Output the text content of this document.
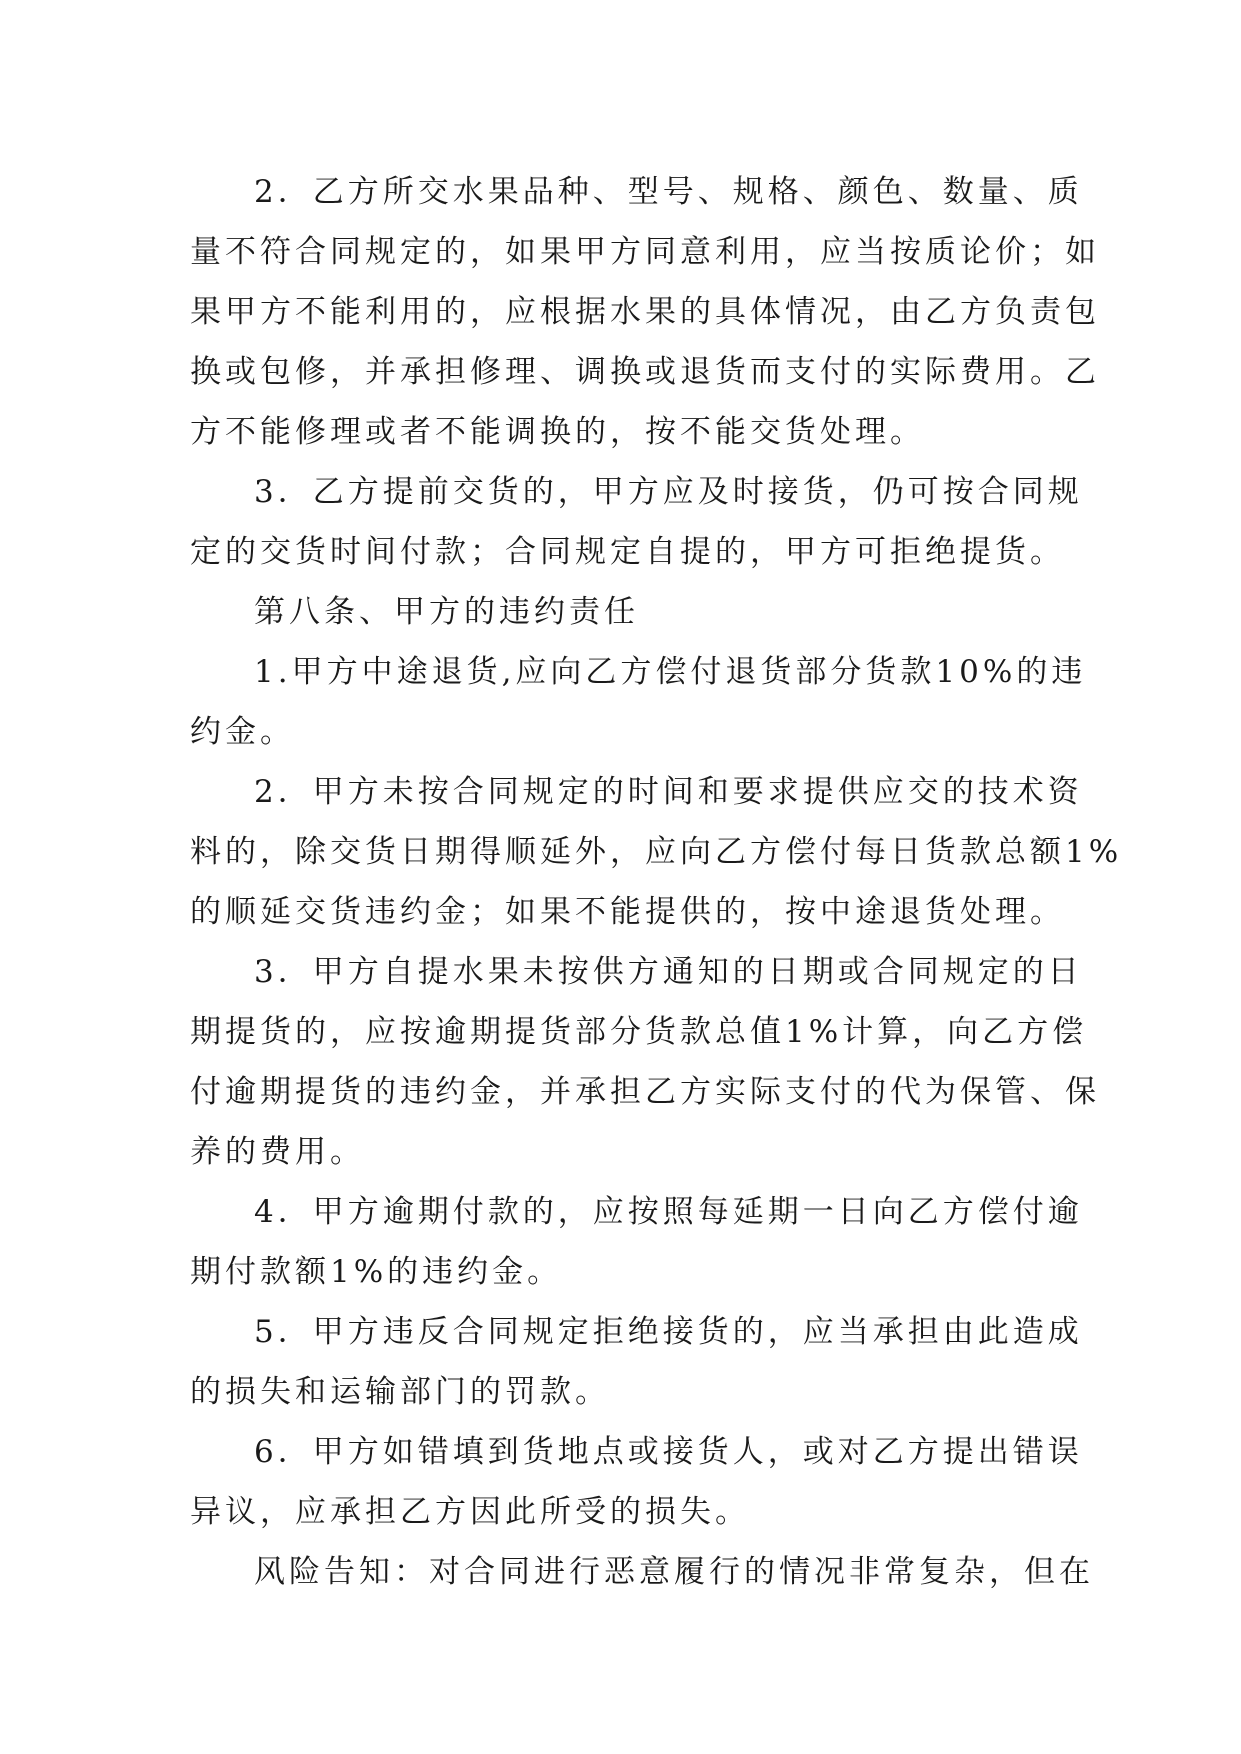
2．乙方所交水果品种、型号、规格、颜色、数量、质
量不符合同规定的，如果甲方同意利用，应当按质论价；如
果甲方不能利用的，应根据水果的具体情况，由乙方负责包
换或包修，并承担修理、调换或退货而支付的实际费用。乙
方不能修理或者不能调换的，按不能交货处理。
3．乙方提前交货的，甲方应及时接货，仍可按合同规
定的交货时间付款；合同规定自提的，甲方可拒绝提货。
第八条、甲方的违约责任
1.甲方中途退货,应向乙方偿付退货部分货款10%的违
约金。
2．甲方未按合同规定的时间和要求提供应交的技术资
料的，除交货日期得顺延外，应向乙方偿付每日货款总额1%
的顺延交货违约金；如果不能提供的，按中途退货处理。
3．甲方自提水果未按供方通知的日期或合同规定的日
期提货的，应按逾期提货部分货款总值1%计算，向乙方偿
付逾期提货的违约金，并承担乙方实际支付的代为保管、保
养的费用。
4．甲方逾期付款的，应按照每延期一日向乙方偿付逾
期付款额1%的违约金。
5．甲方违反合同规定拒绝接货的，应当承担由此造成
的损失和运输部门的罚款。
6．甲方如错填到货地点或接货人，或对乙方提出错误
异议，应承担乙方因此所受的损失。
风险告知：对合同进行恶意履行的情况非常复杂，但在
